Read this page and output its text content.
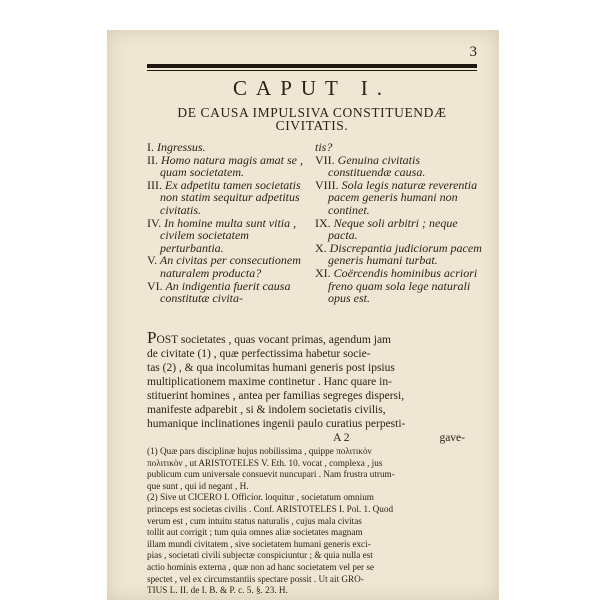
3
CAPUT I.
DE CAUSA IMPULSIVA CONSTITUENDÆ
CIVITATIS.
I. Ingressus.
II. Homo natura magis amat se , quam societatem.
III. Ex adpetitu tamen societatis non statim sequitur adpetitus civitatis.
IV. In homine multa sunt vitia , civilem societatem perturbantia.
V. An civitas per consecutionem naturalem producta?
VI. An indigentia fuerit causa constitutæ civita-
tis?
VII. Genuina civitatis constituendæ causa.
VIII. Sola legis naturæ reverentia pacem generis humani non continet.
IX. Neque soli arbitri ; neque pacta.
X. Discrepantia judiciorum pacem generis humani turbat.
XI. Coërcendis hominibus acriori freno quam sola lege naturali opus est.
POST societates , quas vocant primas, agendum jam
de civitate (1) , quæ perfectissima habetur socie-
tas (2) , & qua incolumitas humani generis post ipsius
multiplicationem maxime continetur . Hanc quare in-
stituerint homines , antea per familias segreges dispersi,
manifeste adparebit , si & indolem societatis civilis,
humanique inclinationes ingenii paulo curatius perpesti-
A 2	gave-
(1) Quæ pars disciplinæ hujus nobilissima , quippe πολιτικὸν
πολιτικὸν , ut ARISTOTELES V. Eth. 10. vocat , complexa , jus
publicum cum universale consuevit nuncupari . Nam frustra utrum-
que sunt , qui id negant , H.
(2) Sive ut CICERO I. Officior. loquitur , societatum omnium
princeps est societas civilis . Conf. ARISTOTELES I. Pol. 1. Quod
verum est , cum intuitu status naturalis , cujus mala civitas
tollit aut corrigit ; tum quia omnes aliæ societates magnam
illam mundi civitatem , sive societatem humani generis exci-
pias , societati civili subjectæ conspiciuntur ; & quia nulla est
actio hominis externa , quæ non ad hanc societatem vel per se
spectet , vel ex circumstantiis spectare possit . Ut ait GRO-
TIUS L. II. de I. B. & P. c. 5. §. 23. H.
